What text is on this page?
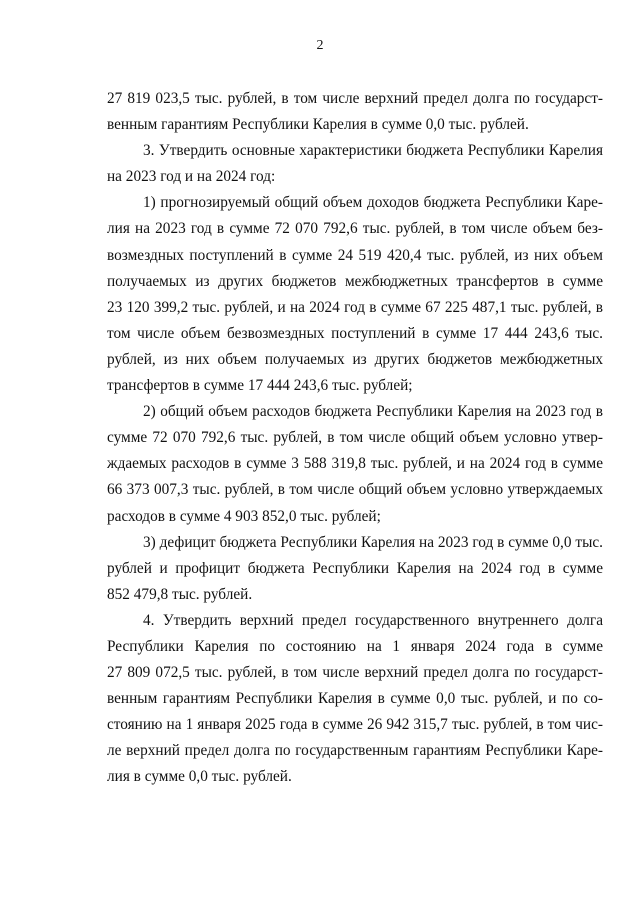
2
27 819 023,5 тыс. рублей, в том числе верхний предел долга по государст-
венным гарантиям Республики Карелия в сумме 0,0 тыс. рублей.
3. Утвердить основные характеристики бюджета Республики Карелия
на 2023 год и на 2024 год:
1) прогнозируемый общий объем доходов бюджета Республики Каре-
лия на 2023 год в сумме 72 070 792,6 тыс. рублей, в том числе объем без-
возмездных поступлений в сумме 24 519 420,4 тыс. рублей, из них объем
получаемых из других бюджетов межбюджетных трансфертов в сумме
23 120 399,2 тыс. рублей, и на 2024 год в сумме 67 225 487,1 тыс. рублей, в
том числе объем безвозмездных поступлений в сумме 17 444 243,6 тыс.
рублей, из них объем получаемых из других бюджетов межбюджетных
трансфертов в сумме 17 444 243,6 тыс. рублей;
2) общий объем расходов бюджета Республики Карелия на 2023 год в
сумме 72 070 792,6 тыс. рублей, в том числе общий объем условно утвер-
ждаемых расходов в сумме 3 588 319,8 тыс. рублей, и на 2024 год в сумме
66 373 007,3 тыс. рублей, в том числе общий объем условно утверждаемых
расходов в сумме 4 903 852,0 тыс. рублей;
3) дефицит бюджета Республики Карелия на 2023 год в сумме 0,0 тыс.
рублей и профицит бюджета Республики Карелия на 2024 год в сумме
852 479,8 тыс. рублей.
4. Утвердить верхний предел государственного внутреннего долга
Республики Карелия по состоянию на 1 января 2024 года в сумме
27 809 072,5 тыс. рублей, в том числе верхний предел долга по государст-
венным гарантиям Республики Карелия в сумме 0,0 тыс. рублей, и по со-
стоянию на 1 января 2025 года в сумме 26 942 315,7 тыс. рублей, в том чис-
ле верхний предел долга по государственным гарантиям Республики Каре-
лия в сумме 0,0 тыс. рублей.
